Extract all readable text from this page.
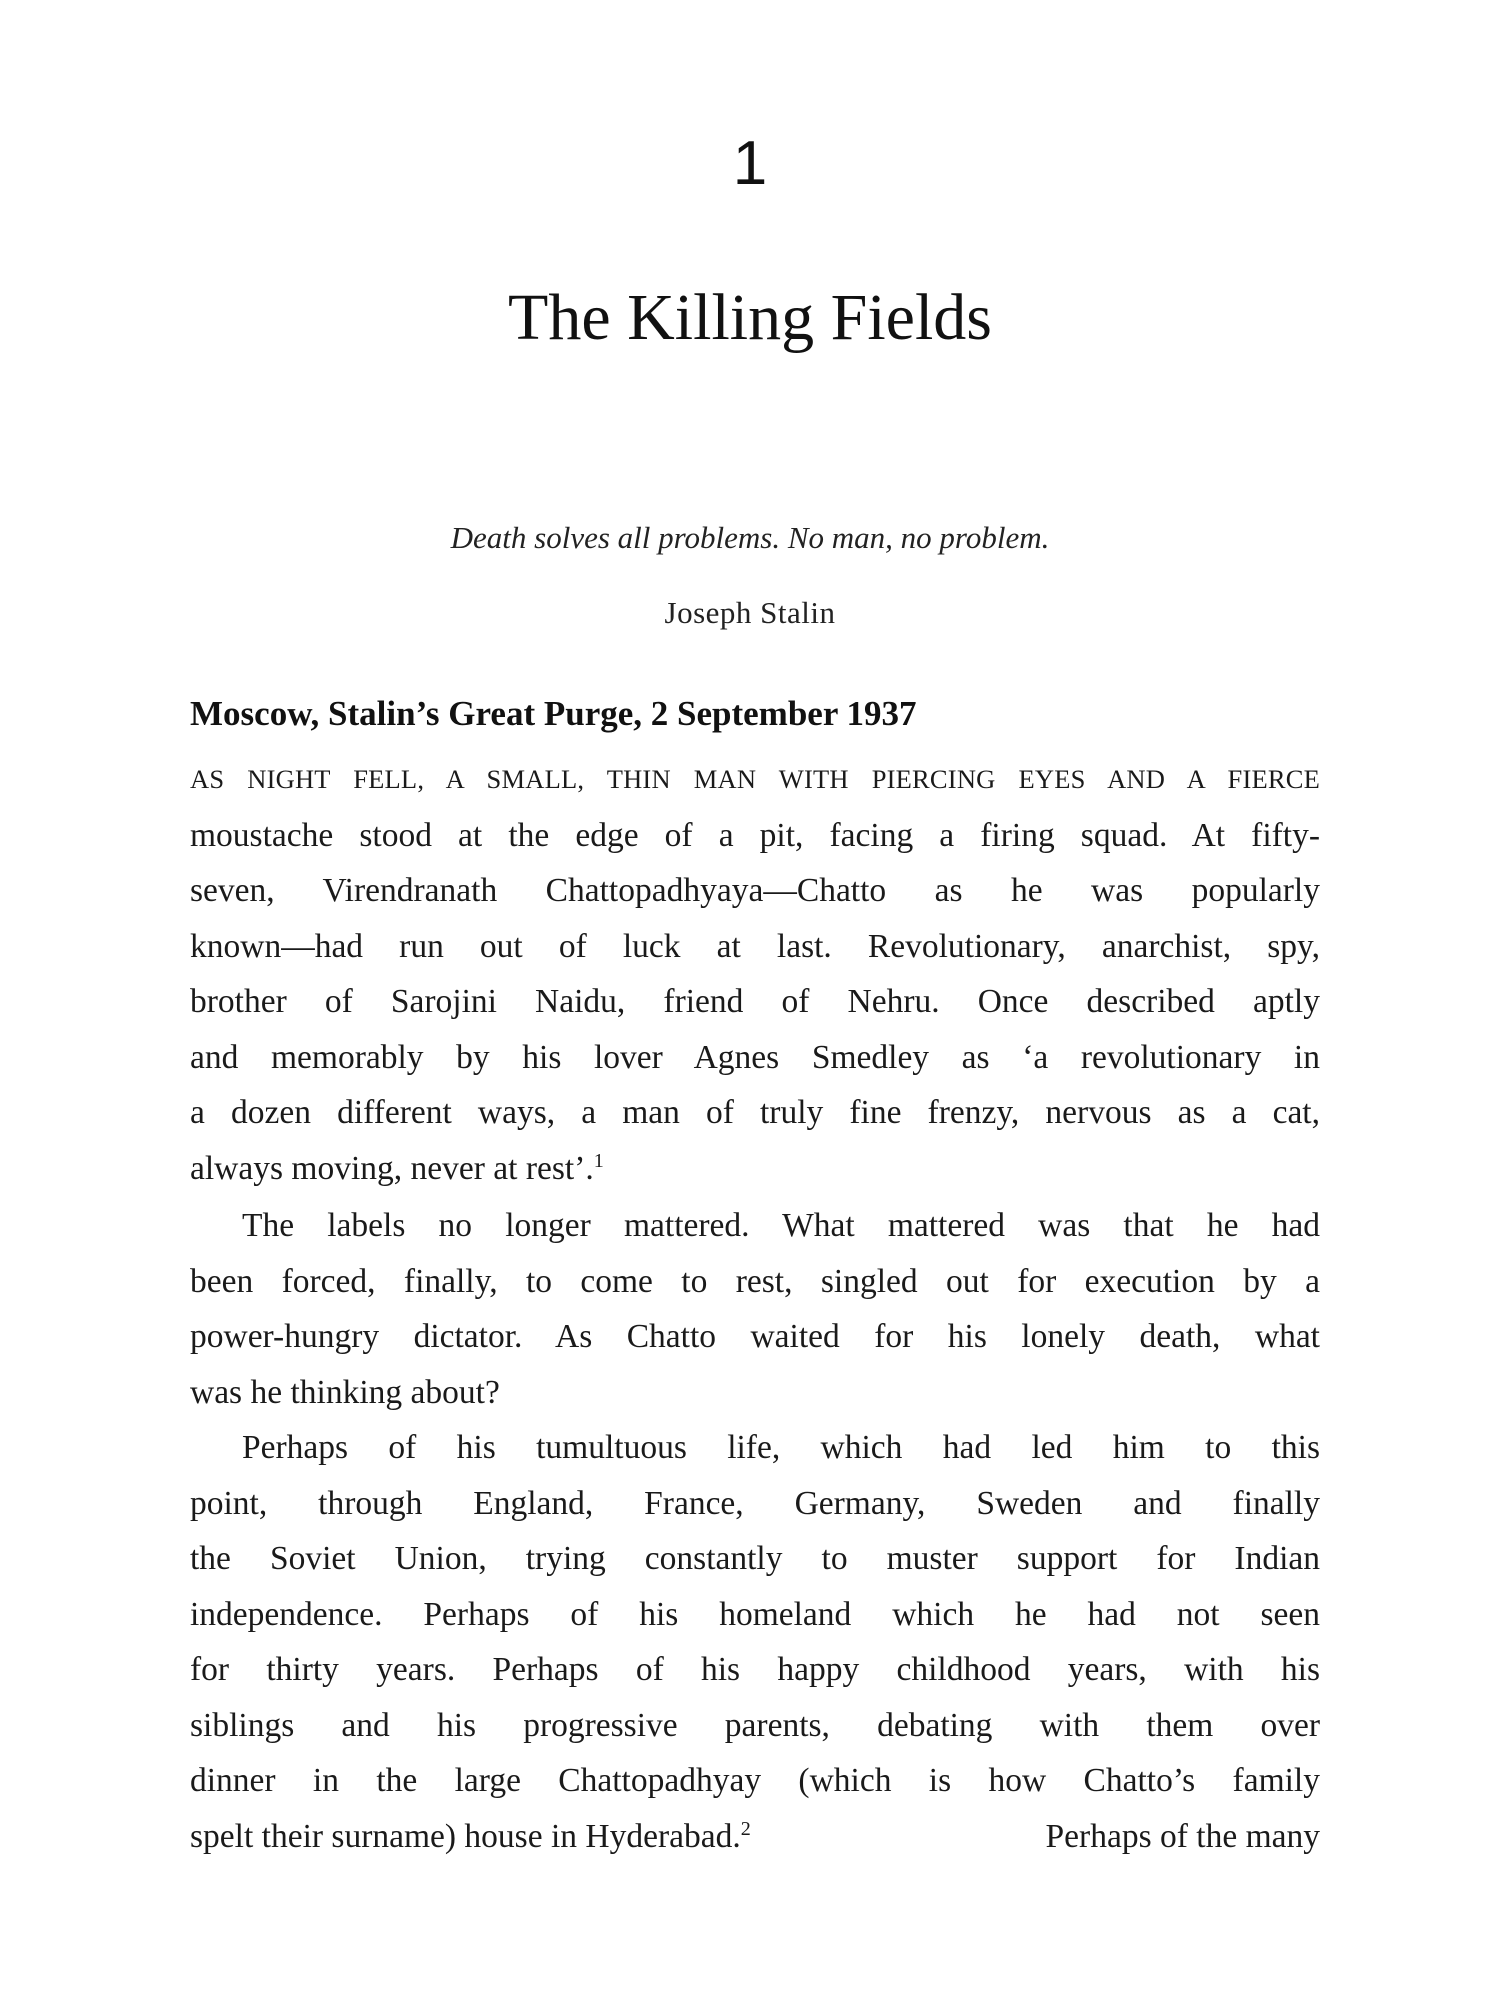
1
The Killing Fields
Death solves all problems. No man, no problem.
Joseph Stalin
Moscow, Stalin’s Great Purge, 2 September 1937
AS NIGHT FELL, A SMALL, THIN MAN WITH PIERCING EYES AND A FIERCE
moustache stood at the edge of a pit, facing a firing squad. At fifty-
seven, Virendranath Chattopadhyaya—Chatto as he was popularly
known—had run out of luck at last. Revolutionary, anarchist, spy,
brother of Sarojini Naidu, friend of Nehru. Once described aptly
and memorably by his lover Agnes Smedley as ‘a revolutionary in
a dozen different ways, a man of truly fine frenzy, nervous as a cat,
always moving, never at rest’.$^1$
The labels no longer mattered. What mattered was that he had
been forced, finally, to come to rest, singled out for execution by a
power-hungry dictator. As Chatto waited for his lonely death, what
was he thinking about?
Perhaps of his tumultuous life, which had led him to this
point, through England, France, Germany, Sweden and finally
the Soviet Union, trying constantly to muster support for Indian
independence. Perhaps of his homeland which he had not seen
for thirty years. Perhaps of his happy childhood years, with his
siblings and his progressive parents, debating with them over
dinner in the large Chattopadhyay (which is how Chatto’s family
spelt their surname) house in Hyderabad.$^2$	Perhaps of the many
